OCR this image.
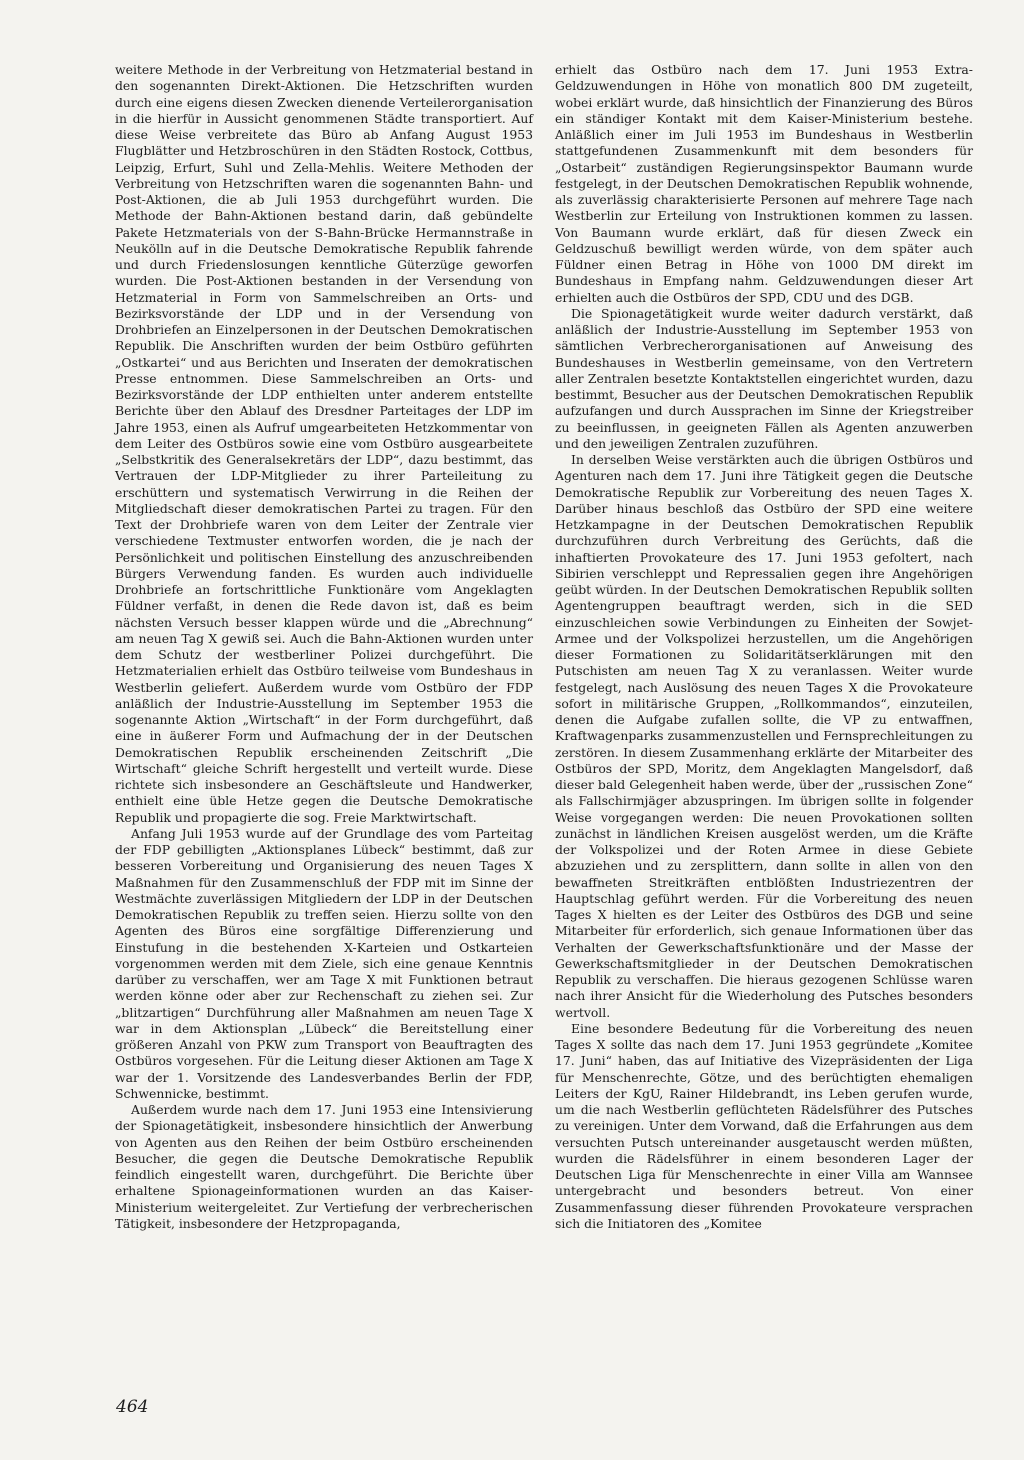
weitere Methode in der Verbreitung von Hetzmaterial bestand in den sogenannten Direkt-Aktionen. Die Hetzschriften wurden durch eine eigens diesen Zwecken dienende Verteilerorganisation in die hierfür in Aussicht genommenen Städte transportiert. Auf diese Weise verbreitete das Büro ab Anfang August 1953 Flugblätter und Hetzbroschüren in den Städten Rostock, Cottbus, Leipzig, Erfurt, Suhl und Zella-Mehlis. Weitere Methoden der Verbreitung von Hetzschriften waren die sogenannten Bahn- und Post-Aktionen, die ab Juli 1953 durchgeführt wurden. Die Methode der Bahn-Aktionen bestand darin, daß gebündelte Pakete Hetzmaterials von der S-Bahn-Brücke Hermannstraße in Neukölln auf in die Deutsche Demokratische Republik fahrende und durch Friedenslosungen kenntliche Güterzüge geworfen wurden. Die Post-Aktionen bestanden in der Versendung von Hetzmaterial in Form von Sammelschreiben an Orts- und Bezirksvorstände der LDP und in der Versendung von Drohbriefen an Einzelpersonen in der Deutschen Demokratischen Republik. Die Anschriften wurden der beim Ostbüro geführten „Ostkartei“ und aus Berichten und Inseraten der demokratischen Presse entnommen. Diese Sammelschreiben an Orts- und Bezirksvorstände der LDP enthielten unter anderem entstellte Berichte über den Ablauf des Dresdner Parteitages der LDP im Jahre 1953, einen als Aufruf umgearbeiteten Hetzkommentar von dem Leiter des Ostbüros sowie eine vom Ostbüro ausgearbeitete „Selbstkritik des Generalsekretärs der LDP“, dazu bestimmt, das Vertrauen der LDP-Mitglieder zu ihrer Parteileitung zu erschüttern und systematisch Verwirrung in die Reihen der Mitgliedschaft dieser demokratischen Partei zu tragen. Für den Text der Drohbriefe waren von dem Leiter der Zentrale vier verschiedene Textmuster entworfen worden, die je nach der Persönlichkeit und politischen Einstellung des anzuschreibenden Bürgers Verwendung fanden. Es wurden auch individuelle Drohbriefe an fortschrittliche Funktionäre vom Angeklagten Füldner verfaßt, in denen die Rede davon ist, daß es beim nächsten Versuch besser klappen würde und die „Abrechnung“ am neuen Tag X gewiß sei. Auch die Bahn-Aktionen wurden unter dem Schutz der westberliner Polizei durchgeführt. Die Hetzmaterialien erhielt das Ostbüro teilweise vom Bundeshaus in Westberlin geliefert. Außerdem wurde vom Ostbüro der FDP anläßlich der Industrie-Ausstellung im September 1953 die sogenannte Aktion „Wirtschaft“ in der Form durchgeführt, daß eine in äußerer Form und Aufmachung der in der Deutschen Demokratischen Republik erscheinenden Zeitschrift „Die Wirtschaft“ gleiche Schrift hergestellt und verteilt wurde. Diese richtete sich insbesondere an Geschäftsleute und Handwerker, enthielt eine üble Hetze gegen die Deutsche Demokratische Republik und propagierte die sog. Freie Marktwirtschaft.

Anfang Juli 1953 wurde auf der Grundlage des vom Parteitag der FDP gebilligten „Aktionsplanes Lübeck“ bestimmt, daß zur besseren Vorbereitung und Organisierung des neuen Tages X Maßnahmen für den Zusammenschluß der FDP mit im Sinne der Westmächte zuverlässigen Mitgliedern der LDP in der Deutschen Demokratischen Republik zu treffen seien. Hierzu sollte von den Agenten des Büros eine sorgfältige Differenzierung und Einstufung in die bestehenden X-Karteien und Ostkarteien vorgenommen werden mit dem Ziele, sich eine genaue Kenntnis darüber zu verschaffen, wer am Tage X mit Funktionen betraut werden könne oder aber zur Rechenschaft zu ziehen sei. Zur „blitzartigen“ Durchführung aller Maßnahmen am neuen Tage X war in dem Aktionsplan „Lübeck“ die Bereitstellung einer größeren Anzahl von PKW zum Transport von Beauftragten des Ostbüros vorgesehen. Für die Leitung dieser Aktionen am Tage X war der 1. Vorsitzende des Landesverbandes Berlin der FDP, Schwennicke, bestimmt.

Außerdem wurde nach dem 17. Juni 1953 eine Intensivierung der Spionagetätigkeit, insbesondere hinsichtlich der Anwerbung von Agenten aus den Reihen der beim Ostbüro erscheinenden Besucher, die gegen die Deutsche Demokratische Republik feindlich eingestellt waren, durchgeführt. Die Berichte über erhaltene Spionageinformationen wurden an das Kaiser-Ministerium weitergeleitet. Zur Vertiefung der verbrecherischen Tätigkeit, insbesondere der Hetzpropaganda,

erhielt das Ostbüro nach dem 17. Juni 1953 Extra-Geldzuwendungen in Höhe von monatlich 800 DM zugeteilt, wobei erklärt wurde, daß hinsichtlich der Finanzierung des Büros ein ständiger Kontakt mit dem Kaiser-Ministerium bestehe. Anläßlich einer im Juli 1953 im Bundeshaus in Westberlin stattgefundenen Zusammenkunft mit dem besonders für „Ostarbeit“ zuständigen Regierungsinspektor Baumann wurde festgelegt, in der Deutschen Demokratischen Republik wohnende, als zuverlässig charakterisierte Personen auf mehrere Tage nach Westberlin zur Erteilung von Instruktionen kommen zu lassen. Von Baumann wurde erklärt, daß für diesen Zweck ein Geldzuschuß bewilligt werden würde, von dem später auch Füldner einen Betrag in Höhe von 1000 DM direkt im Bundeshaus in Empfang nahm. Geldzuwendungen dieser Art erhielten auch die Ostbüros der SPD, CDU und des DGB.

Die Spionagetätigkeit wurde weiter dadurch verstärkt, daß anläßlich der Industrie-Ausstellung im September 1953 von sämtlichen Verbrecherorganisationen auf Anweisung des Bundeshauses in Westberlin gemeinsame, von den Vertretern aller Zentralen besetzte Kontaktstellen eingerichtet wurden, dazu bestimmt, Besucher aus der Deutschen Demokratischen Republik aufzufangen und durch Aussprachen im Sinne der Kriegstreiber zu beeinflussen, in geeigneten Fällen als Agenten anzuwerben und den jeweiligen Zentralen zuzuführen.

In derselben Weise verstärkten auch die übrigen Ostbüros und Agenturen nach dem 17. Juni ihre Tätigkeit gegen die Deutsche Demokratische Republik zur Vorbereitung des neuen Tages X. Darüber hinaus beschloß das Ostbüro der SPD eine weitere Hetzkampagne in der Deutschen Demokratischen Republik durchzuführen durch Verbreitung des Gerüchts, daß die inhaftierten Provokateure des 17. Juni 1953 gefoltert, nach Sibirien verschleppt und Repressalien gegen ihre Angehörigen geübt würden. In der Deutschen Demokratischen Republik sollten Agentengruppen beauftragt werden, sich in die SED einzuschleichen sowie Verbindungen zu Einheiten der Sowjet-Armee und der Volkspolizei herzustellen, um die Angehörigen dieser Formationen zu Solidaritätserklärungen mit den Putschisten am neuen Tag X zu veranlassen. Weiter wurde festgelegt, nach Auslösung des neuen Tages X die Provokateure sofort in militärische Gruppen, „Rollkommandos“, einzuteilen, denen die Aufgabe zufallen sollte, die VP zu entwaffnen, Kraftwagenparks zusammenzustellen und Fernsprechleitungen zu zerstören. In diesem Zusammenhang erklärte der Mitarbeiter des Ostbüros der SPD, Moritz, dem Angeklagten Mangelsdorf, daß dieser bald Gelegenheit haben werde, über der „russischen Zone“ als Fallschirmjäger abzuspringen. Im übrigen sollte in folgender Weise vorgegangen werden: Die neuen Provokationen sollten zunächst in ländlichen Kreisen ausgelöst werden, um die Kräfte der Volkspolizei und der Roten Armee in diese Gebiete abzuziehen und zu zersplittern, dann sollte in allen von den bewaffneten Streitkräften entblößten Industriezentren der Hauptschlag geführt werden. Für die Vorbereitung des neuen Tages X hielten es der Leiter des Ostbüros des DGB und seine Mitarbeiter für erforderlich, sich genaue Informationen über das Verhalten der Gewerkschaftsfunktionäre und der Masse der Gewerkschaftsmitglieder in der Deutschen Demokratischen Republik zu verschaffen. Die hieraus gezogenen Schlüsse waren nach ihrer Ansicht für die Wiederholung des Putsches besonders wertvoll.

Eine besondere Bedeutung für die Vorbereitung des neuen Tages X sollte das nach dem 17. Juni 1953 gegründete „Komitee 17. Juni“ haben, das auf Initiative des Vizepräsidenten der Liga für Menschenrechte, Götze, und des berüchtigten ehemaligen Leiters der KgU, Rainer Hildebrandt, ins Leben gerufen wurde, um die nach Westberlin geflüchteten Rädelsführer des Putsches zu vereinigen. Unter dem Vorwand, daß die Erfahrungen aus dem versuchten Putsch untereinander ausgetauscht werden müßten, wurden die Rädelsführer in einem besonderen Lager der Deutschen Liga für Menschenrechte in einer Villa am Wannsee untergebracht und besonders betreut. Von einer Zusammenfassung dieser führenden Provokateure versprachen sich die Initiatoren des „Komitee

464
